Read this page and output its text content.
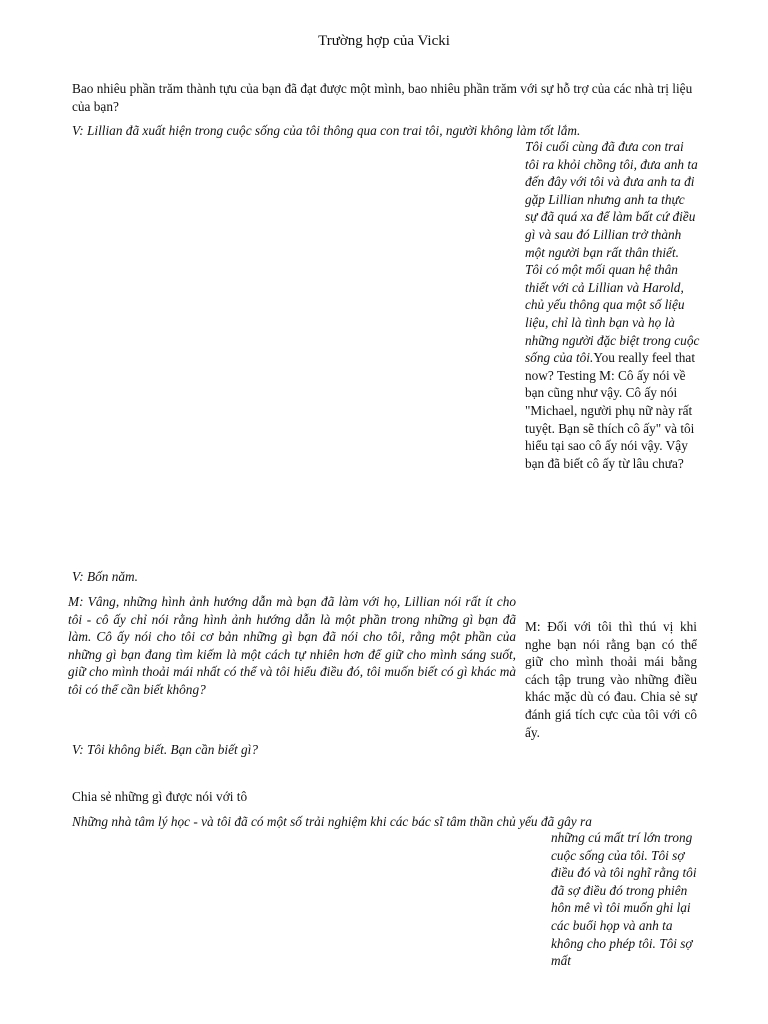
Trường hợp của Vicki

Bao nhiêu phần trăm thành tựu của bạn đã đạt được một mình, bao nhiêu phần trăm với sự hỗ trợ của các nhà trị liệu của bạn?

V: Lillian đã xuất hiện trong cuộc sống của tôi thông qua con trai tôi, người không làm tốt lắm.

Tôi cuối cùng đã đưa con trai tôi ra khỏi chồng tôi, đưa anh ta đến đây với tôi và đưa anh ta đi gặp Lillian nhưng anh ta thực sự đã quá xa để làm bất cứ điều gì và sau đó Lillian trở thành một người bạn rất thân thiết. Tôi có một mối quan hệ thân thiết với cả Lillian và Harold, chủ yếu thông qua một số liệu liệu, chỉ là tình bạn và họ là những người đặc biệt trong cuộc sống của tôi.You really feel that now? Testing M: Cô ấy nói về bạn cũng như vậy. Cô ấy nói "Michael, người phụ nữ này rất tuyệt. Bạn sẽ thích cô ấy" và tôi hiểu tại sao cô ấy nói vậy. Vậy bạn đã biết cô ấy từ lâu chưa?

V: Bốn năm.

M: Vâng, những hình ảnh hướng dẫn mà bạn đã làm với họ, Lillian nói rất ít cho tôi - cô ấy chỉ nói rằng hình ảnh hướng dẫn là một phần trong những gì bạn đã làm. Cô ấy nói cho tôi cơ bản những gì bạn đã nói cho tôi, rằng một phần của những gì bạn đang tìm kiếm là một cách tự nhiên hơn để giữ cho mình sáng suốt, giữ cho mình thoải mái nhất có thể và tôi hiểu điều đó, tôi muốn biết có gì khác mà tôi có thể cần biết không?

M: Đối với tôi thì thú vị khi nghe bạn nói rằng bạn có thể giữ cho mình thoải mái bằng cách tập trung vào những điều khác mặc dù có đau. Chia sẻ sự đánh giá tích cực của tôi với cô ấy.

V: Tôi không biết. Bạn cần biết gì?

Chia sẻ những gì được nói với tô

Những nhà tâm lý học - và tôi đã có một số trải nghiệm khi các bác sĩ tâm thần chủ yếu đã gây ra

những cú mất trí lớn trong cuộc sống của tôi. Tôi sợ điều đó và tôi nghĩ rằng tôi đã sợ điều đó trong phiên hôn mê vì tôi muốn ghi lại các buổi họp và anh ta không cho phép tôi. Tôi sợ mất
